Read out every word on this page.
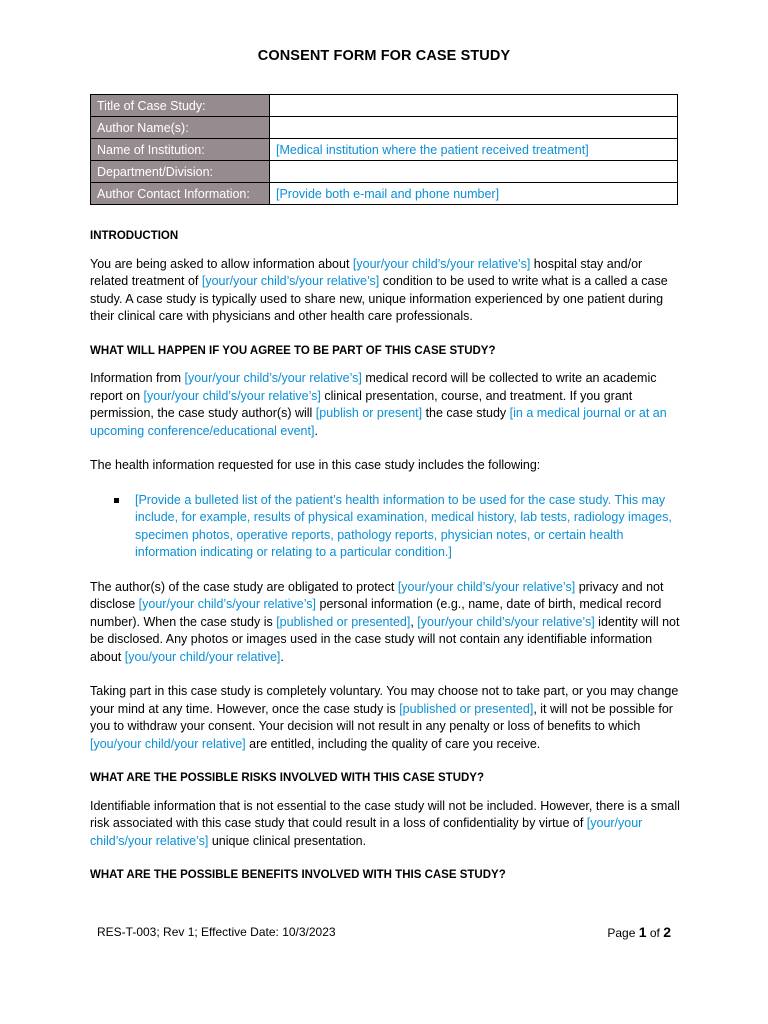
CONSENT FORM FOR CASE STUDY
Title of Case Study:	
Author Name(s):	
Name of Institution:	[Medical institution where the patient received treatment]
Department/Division:	
Author Contact Information:	[Provide both e-mail and phone number]
INTRODUCTION

You are being asked to allow information about [your/your child’s/your relative’s] hospital stay and/or related treatment of [your/your child’s/your relative’s] condition to be used to write what is a called a case study. A case study is typically used to share new, unique information experienced by one patient during their clinical care with physicians and other health care professionals.

WHAT WILL HAPPEN IF YOU AGREE TO BE PART OF THIS CASE STUDY?

Information from [your/your child’s/your relative’s] medical record will be collected to write an academic report on [your/your child’s/your relative’s] clinical presentation, course, and treatment. If you grant permission, the case study author(s) will [publish or present] the case study [in a medical journal or at an upcoming conference/educational event].

The health information requested for use in this case study includes the following:

[Provide a bulleted list of the patient’s health information to be used for the case study. This may include, for example, results of physical examination, medical history, lab tests, radiology images, specimen photos, operative reports, pathology reports, physician notes, or certain health information indicating or relating to a particular condition.]

The author(s) of the case study are obligated to protect [your/your child’s/your relative’s] privacy and not disclose [your/your child’s/your relative’s] personal information (e.g., name, date of birth, medical record number). When the case study is [published or presented], [your/your child’s/your relative’s] identity will not be disclosed. Any photos or images used in the case study will not contain any identifiable information about [you/your child/your relative].

Taking part in this case study is completely voluntary. You may choose not to take part, or you may change your mind at any time. However, once the case study is [published or presented], it will not be possible for you to withdraw your consent. Your decision will not result in any penalty or loss of benefits to which [you/your child/your relative] are entitled, including the quality of care you receive.

WHAT ARE THE POSSIBLE RISKS INVOLVED WITH THIS CASE STUDY?

Identifiable information that is not essential to the case study will not be included. However, there is a small risk associated with this case study that could result in a loss of confidentiality by virtue of [your/your child’s/your relative’s] unique clinical presentation.

WHAT ARE THE POSSIBLE BENEFITS INVOLVED WITH THIS CASE STUDY?
RES-T-003; Rev 1; Effective Date: 10/3/2023	Page 1 of 2
